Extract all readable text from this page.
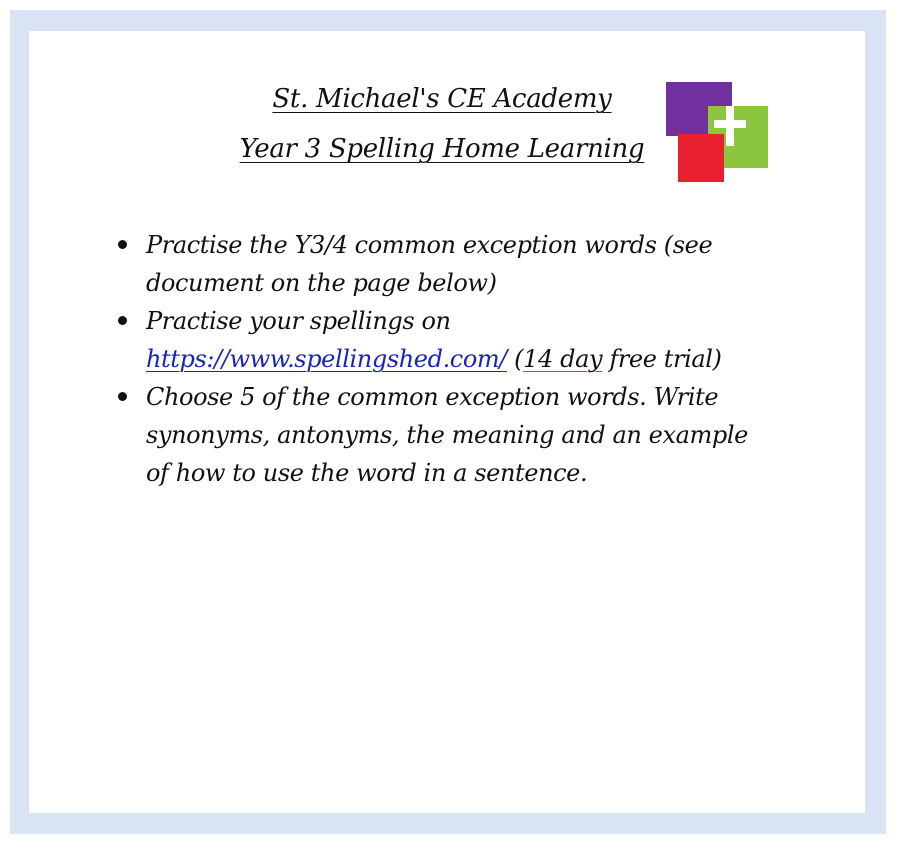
St. Michael's CE Academy
Year 3 Spelling Home Learning
Practise the Y3/4 common exception words (see
document on the page below)
Practise your spellings on
https://www.spellingshed.com/ (14 day free trial)
Choose 5 of the common exception words. Write
synonyms, antonyms, the meaning and an example
of how to use the word in a sentence.
